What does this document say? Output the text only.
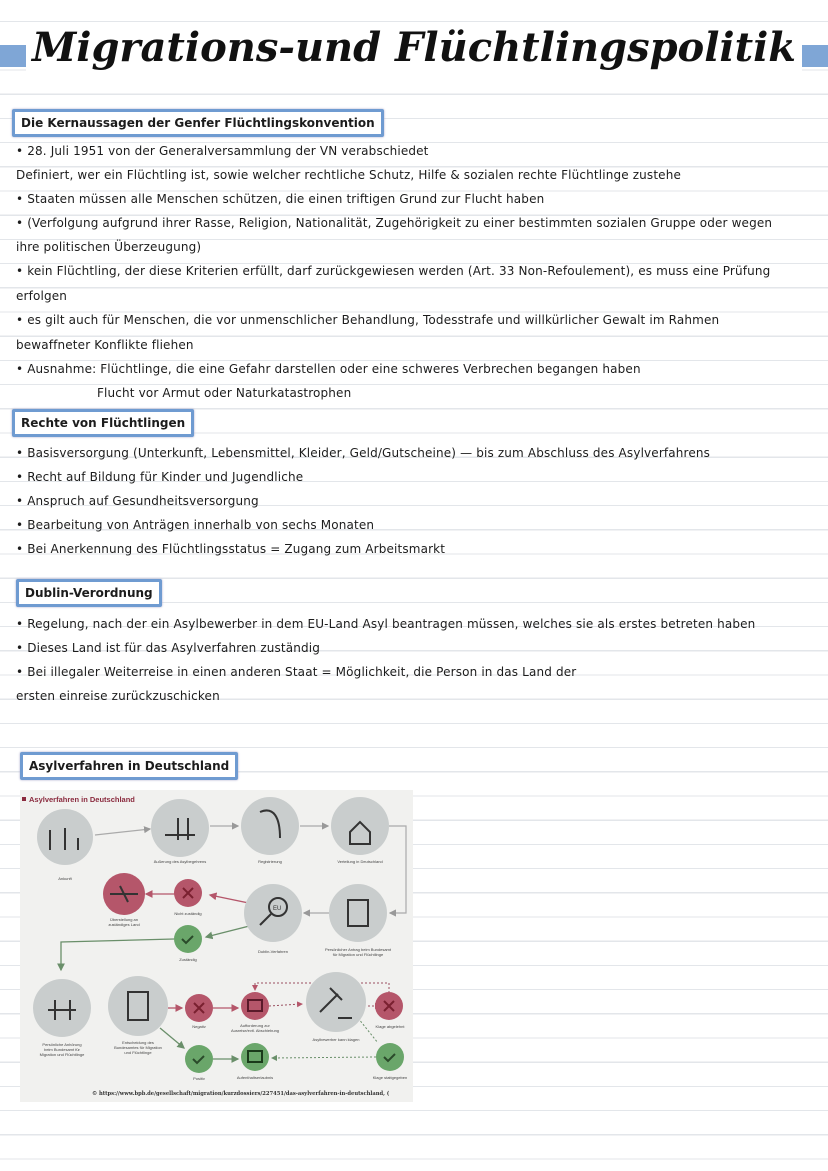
Migrations-und Flüchtlingspolitik
Die Kernaussagen der Genfer Flüchtlingskonvention
• 28. Juli 1951 von der Generalversammlung der VN verabschiedet
Definiert, wer ein Flüchtling ist, sowie welcher rechtliche Schutz, Hilfe & sozialen rechte Flüchtlinge zustehe
• Staaten müssen alle Menschen schützen, die einen triftigen Grund zur Flucht haben
• (Verfolgung aufgrund ihrer Rasse, Religion, Nationalität, Zugehörigkeit zu einer bestimmten sozialen Gruppe oder wegen
ihre politischen Überzeugung)
• kein Flüchtling, der diese Kriterien erfüllt, darf zurückgewiesen werden (Art. 33 Non-Refoulement), es muss eine Prüfung
erfolgen
• es gilt auch für Menschen, die vor unmenschlicher Behandlung, Todesstrafe und willkürlicher Gewalt im Rahmen
bewaffneter Konflikte fliehen
• Ausnahme: Flüchtlinge, die eine Gefahr darstellen oder eine schweres Verbrechen begangen haben
Flucht vor Armut oder Naturkatastrophen
Rechte von Flüchtlingen
• Basisversorgung (Unterkunft, Lebensmittel, Kleider, Geld/Gutscheine) — bis zum Abschluss des Asylverfahrens
• Recht auf Bildung für Kinder und Jugendliche
• Anspruch auf Gesundheitsversorgung
• Bearbeitung von Anträgen innerhalb von sechs Monaten
• Bei Anerkennung des Flüchtlingsstatus = Zugang zum Arbeitsmarkt
Dublin-Verordnung
• Regelung, nach der ein Asylbewerber in dem EU-Land Asyl beantragen müssen, welches sie als erstes betreten haben
• Dieses Land ist für das Asylverfahren zuständig
• Bei illegaler Weiterreise in einen anderen Staat = Möglichkeit, die Person in das Land der
ersten einreise zurückzuschicken
Asylverfahren in Deutschland
Asylverfahren in Deutschland
EU
Ankunft
Äußerung des Asylbegehrens	Registrierung	Verteilung in Deutschland
Persönlicher Antrag beim Bundesamt
für Migration und Flüchtlinge
Dublin-Verfahren
Nicht zuständig
Überstellung an
zuständiges Land
Zuständig
Persönliche Anhörung
beim Bundesamt für
Migration und Flüchtlinge
Entscheidung des
Bundesamtes für Migration
und Flüchtlinge
Negativ	Aufforderung zur
Ausreise/evtl. Abschiebung
Asylbewerber kann klagen
Klage abgelehnt
Positiv	Aufenthaltserlaubnis	Klage stattgegeben
© https://www.bpb.de/gesellschaft/migration/kurzdossiers/227451/das-asylverfahren-in-deutschland, (
